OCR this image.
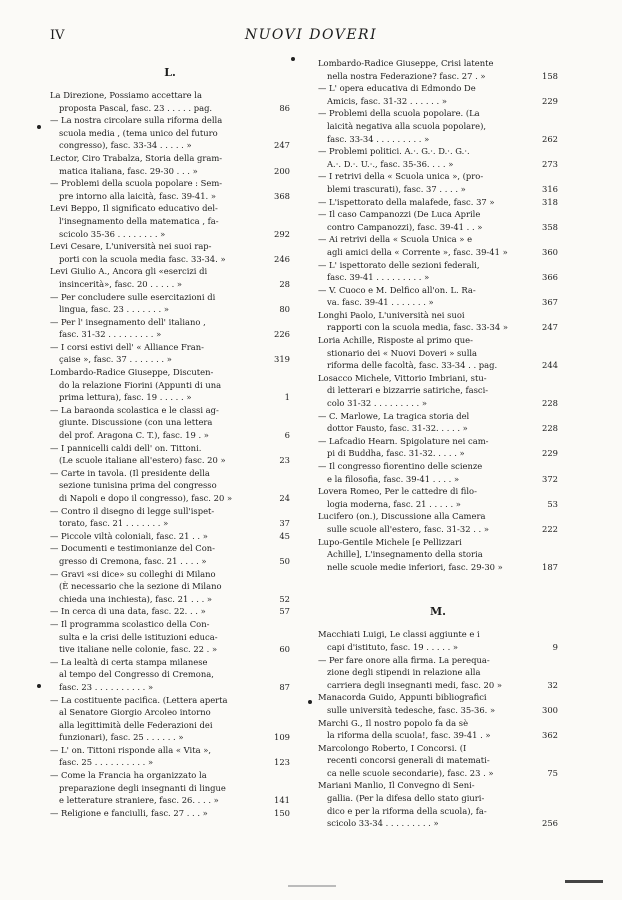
IV	NUOVI DOVERI
L.
La Direzione, Possiamo accettare la
proposta Pascal, fasc. 23 . . . . . pag.	86
— La nostra circolare sulla riforma della
scuola media , (tema unico del futuro
congresso), fasc. 33-34 . . . . . »	247
Lector, Ciro Trabalza, Storia della gram-
matica italiana, fasc. 29-30 . . . »	200
— Problemi della scuola popolare : Sem-
pre intorno alla laicità, fasc. 39-41. »	368
Levi Beppo, Il significato educativo del-
l'insegnamento della matematica , fa-
scicolo 35-36 . . . . . . . . »	292
Levi Cesare, L'università nei suoi rap-
porti con la scuola media fasc. 33-34. »	246
Levi Giulio A., Ancora gli «esercizi di
insincerità», fasc. 20 . . . . . »	28
— Per concludere sulle esercitazioni di
lingua, fasc. 23 . . . . . . . »	80
— Per l' insegnamento dell' italiano ,
fasc. 31-32 . . . . . . . . . »	226
— I corsi estivi dell' « Alliance Fran-
çaise », fasc. 37 . . . . . . . »	319
Lombardo-Radice Giuseppe, Discuten-
do la relazione Fiorini (Appunti di una
prima lettura), fasc. 19 . . . . . »	1
— La baraonda scolastica e le classi ag-
giunte. Discussione (con una lettera
del prof. Aragona C. T.), fasc. 19 . »	6
— I pannicelli caldi dell' on. Tittoni.
(Le scuole italiane all'estero) fasc. 20 »	23
— Carte in tavola. (Il presidente della
sezione tunisina prima del congresso
di Napoli e dopo il congresso), fasc. 20 »	24
— Contro il disegno di legge sull'ispet-
torato, fasc. 21 . . . . . . . »	37
— Piccole viltà coloniali, fasc. 21 . . »	45
— Documenti e testimonianze del Con-
gresso di Cremona, fasc. 21 . . . . »	50
— Gravi «si dice» su colleghi di Milano
(È necessario che la sezione di Milano
chieda una inchiesta), fasc. 21 . . . »	52
— In cerca di una data, fasc. 22. . . »	57
— Il programma scolastico della Con-
sulta e la crisi delle istituzioni educa-
tive italiane nelle colonie, fasc. 22 . »	60
— La lealtà di certa stampa milanese
al tempo del Congresso di Cremona,
fasc. 23 . . . . . . . . . . »	87
— La costituente pacifica. (Lettera aperta
al Senatore Giorgio Arcoleo intorno
alla legittimità delle Federazioni dei
funzionari), fasc. 25 . . . . . . »	109
— L' on. Tittoni risponde alla « Vita »,
fasc. 25 . . . . . . . . . . »	123
— Come la Francia ha organizzato la
preparazione degli insegnanti di lingue
e letterature straniere, fasc. 26. . . . »	141
— Religione e fanciulli, fasc. 27 . . . »	150
Lombardo-Radice Giuseppe, Crisi latente
nella nostra Federazione? fasc. 27 . »	158
— L' opera educativa di Edmondo De
Amicis, fasc. 31-32 . . . . . . »	229
— Problemi della scuola popolare. (La
laicità negativa alla scuola popolare),
fasc. 33-34 . . . . . . . . . »	262
— Problemi politici. A.·. G.·. D.·. G.·.
A.·. D.·. U.·., fasc. 35-36. . . . »	273
— I retrivi della « Scuola unica », (pro-
blemi trascurati), fasc. 37 . . . . »	316
— L'ispettorato della malafede, fasc. 37 »	318
— Il caso Campanozzi (De Luca Aprile
contro Campanozzi), fasc. 39-41 . . »	358
— Ai retrivi della « Scuola Unica » e
agli amici della « Corrente », fasc. 39-41 »	360
— L' ispettorato delle sezioni federali,
fasc. 39-41 . . . . . . . . . »	366
— V. Cuoco e M. Delfico all'on. L. Ra-
va. fasc. 39-41 . . . . . . . »	367
Longhi Paolo, L'università nei suoi
rapporti con la scuola media, fasc. 33-34 »	247
Loria Achille, Risposte al primo que-
stionario dei « Nuovi Doveri » sulla
riforma delle facoltà, fasc. 33-34 . . pag.	244
Losacco Michele, Vittorio Imbriani, stu-
di letterari e bizzarrie satiriche, fasci-
colo 31-32 . . . . . . . . . »	228
— C. Marlowe, La tragica storia del
dottor Fausto, fasc. 31-32. . . . . »	228
— Lafcadio Hearn. Spigolature nei cam-
pi di Buddha, fasc. 31-32. . . . . »	229
— Il congresso fiorentino delle scienze
e la filosofia, fasc. 39-41 . . . . »	372
Lovera Romeo, Per le cattedre di filo-
logia moderna, fasc. 21 . . . . . »	53
Lucifero (on.), Discussione alla Camera
sulle scuole all'estero, fasc. 31-32 . . »	222
Lupo-Gentile Michele [e Pellizzari
Achille], L'insegnamento della storia
nelle scuole medie inferiori, fasc. 29-30 »	187
M.
Macchiati Luigi, Le classi aggiunte e i
capi d'istituto, fasc. 19 . . . . . »	9
— Per fare onore alla firma. La perequa-
zione degli stipendi in relazione alla
carriera degli insegnanti medi, fasc. 20 »	32
Manacorda Guido, Appunti bibliografici
sulle università tedesche, fasc. 35-36. »	300
Marchi G., Il nostro popolo fa da sè
la riforma della scuola!, fasc. 39-41 . »	362
Marcolongo Roberto, I Concorsi. (I
recenti concorsi generali di matemati-
ca nelle scuole secondarie), fasc. 23 . »	75
Mariani Manlio, Il Convegno di Seni-
gallia. (Per la difesa dello stato giuri-
dico e per la riforma della scuola), fa-
scicolo 33-34 . . . . . . . . . »	256
